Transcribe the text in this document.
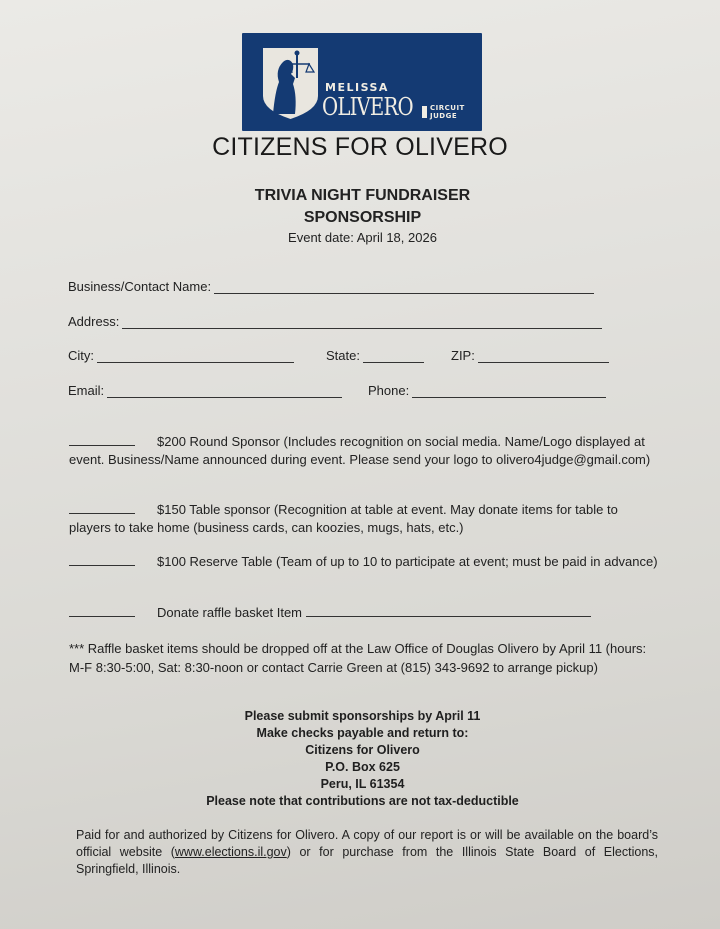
MELISSA
OLIVERO CIRCUIT
JUDGE
CITIZENS FOR OLIVERO
TRIVIA NIGHT FUNDRAISER
SPONSORSHIP
Event date: April 18, 2026
Business/Contact Name:
Address:
City:	State:	ZIP:
Email:	Phone:
$200 Round Sponsor (Includes recognition on social media. Name/Logo displayed at event. Business/Name announced during event. Please send your logo to olivero4judge@gmail.com)
$150 Table sponsor (Recognition at table at event. May donate items for table to players to take home (business cards, can koozies, mugs, hats, etc.)
$100 Reserve Table (Team of up to 10 to participate at event; must be paid in advance)
Donate raffle basket Item
*** Raffle basket items should be dropped off at the Law Office of Douglas Olivero by April 11 (hours: M-F 8:30-5:00, Sat: 8:30-noon or contact Carrie Green at (815) 343-9692 to arrange pickup)
Please submit sponsorships by April 11
Make checks payable and return to:
Citizens for Olivero
P.O. Box 625
Peru, IL 61354
Please note that contributions are not tax-deductible
Paid for and authorized by Citizens for Olivero. A copy of our report is or will be available on the board’s official website (www.elections.il.gov) or for purchase from the Illinois State Board of Elections, Springfield, Illinois.
